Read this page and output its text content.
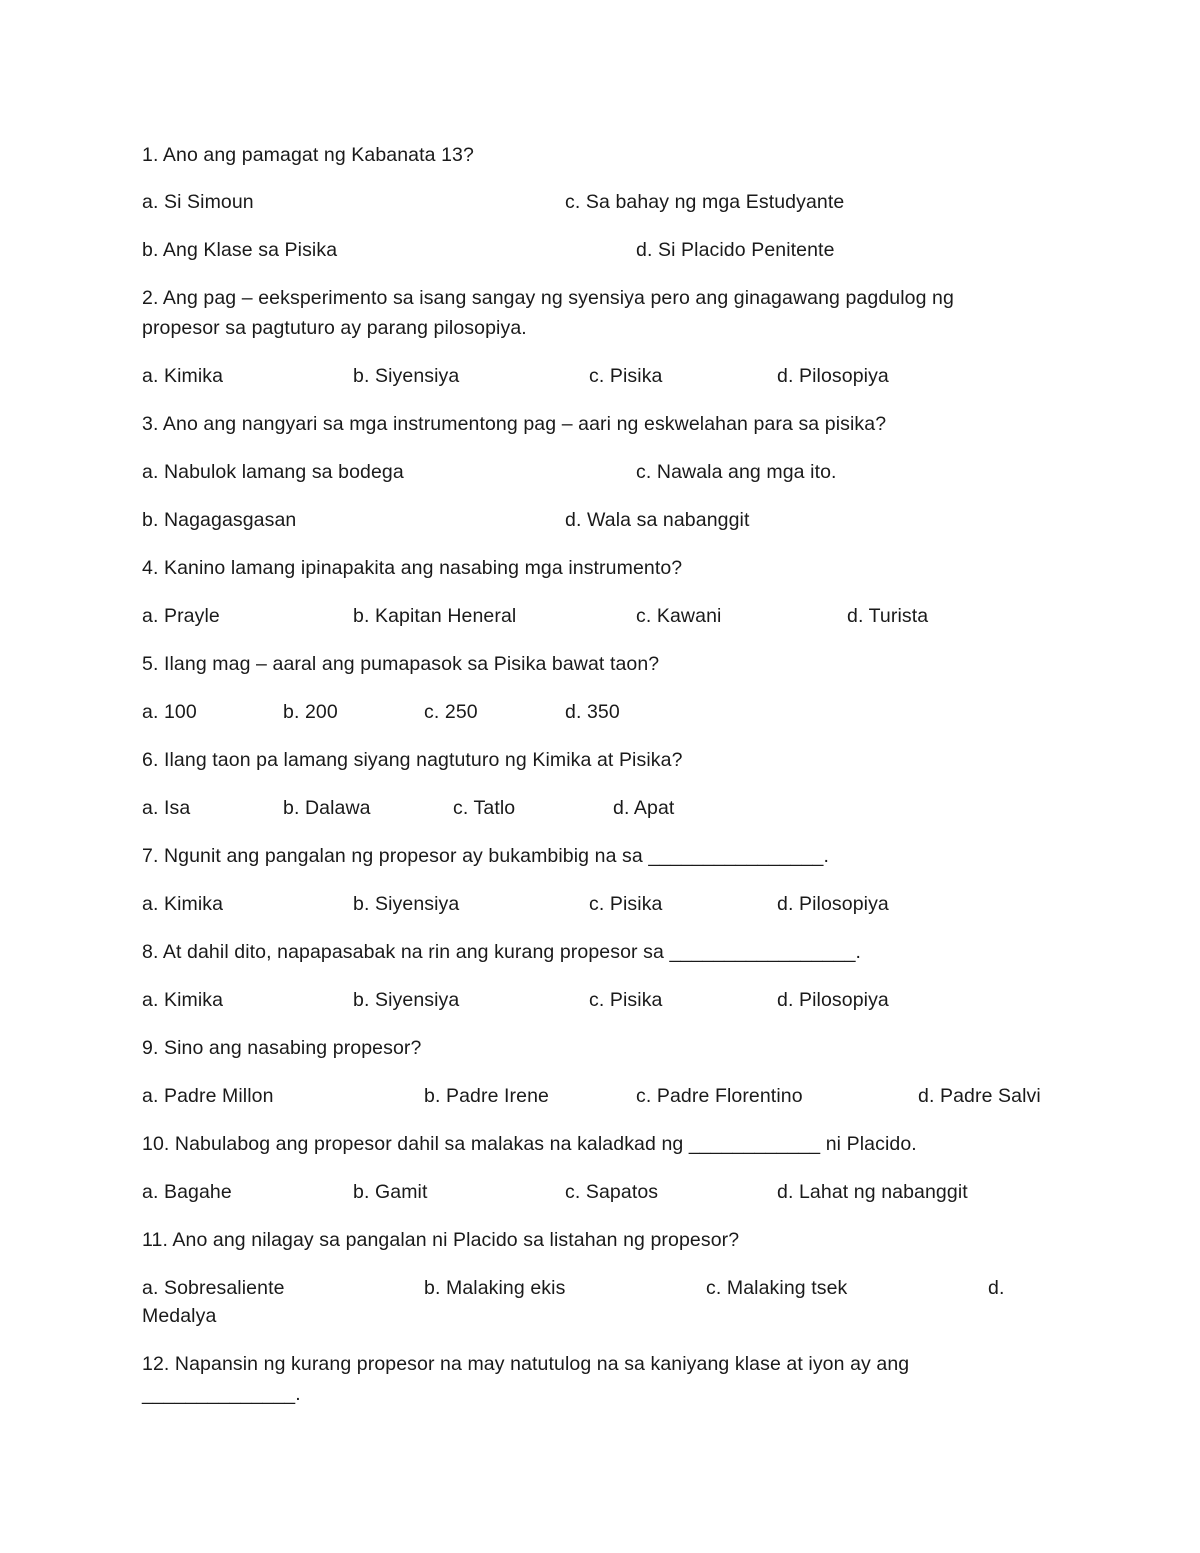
1. Ano ang pamagat ng Kabanata 13?
a. Si Simoun	c. Sa bahay ng mga Estudyante
b. Ang Klase sa Pisika	d. Si Placido Penitente
2. Ang pag – eeksperimento sa isang sangay ng syensiya pero ang ginagawang pagdulog ng
propesor sa pagtuturo ay parang pilosopiya.
a. Kimika	b. Siyensiya	c. Pisika	d. Pilosopiya
3. Ano ang nangyari sa mga instrumentong pag – aari ng eskwelahan para sa pisika?
a. Nabulok lamang sa bodega	c. Nawala ang mga ito.
b. Nagagasgasan	d. Wala sa nabanggit
4. Kanino lamang ipinapakita ang nasabing mga instrumento?
a. Prayle	b. Kapitan Heneral	c. Kawani	d. Turista
5. Ilang mag – aaral ang pumapasok sa Pisika bawat taon?
a. 100	b. 200	c. 250	d. 350
6. Ilang taon pa lamang siyang nagtuturo ng Kimika at Pisika?
a. Isa	b. Dalawa	c. Tatlo	d. Apat
7. Ngunit ang pangalan ng propesor ay bukambibig na sa ________________.
a. Kimika	b. Siyensiya	c. Pisika	d. Pilosopiya
8. At dahil dito, napapasabak na rin ang kurang propesor sa _________________.
a. Kimika	b. Siyensiya	c. Pisika	d. Pilosopiya
9. Sino ang nasabing propesor?
a. Padre Millon	b. Padre Irene	c. Padre Florentino	d. Padre Salvi
10. Nabulabog ang propesor dahil sa malakas na kaladkad ng ____________ ni Placido.
a. Bagahe	b. Gamit	c. Sapatos	d. Lahat ng nabanggit
11. Ano ang nilagay sa pangalan ni Placido sa listahan ng propesor?
a. Sobresaliente	b. Malaking ekis	c. Malaking tsek	d.
Medalya
12. Napansin ng kurang propesor na may natutulog na sa kaniyang klase at iyon ay ang
______________.
